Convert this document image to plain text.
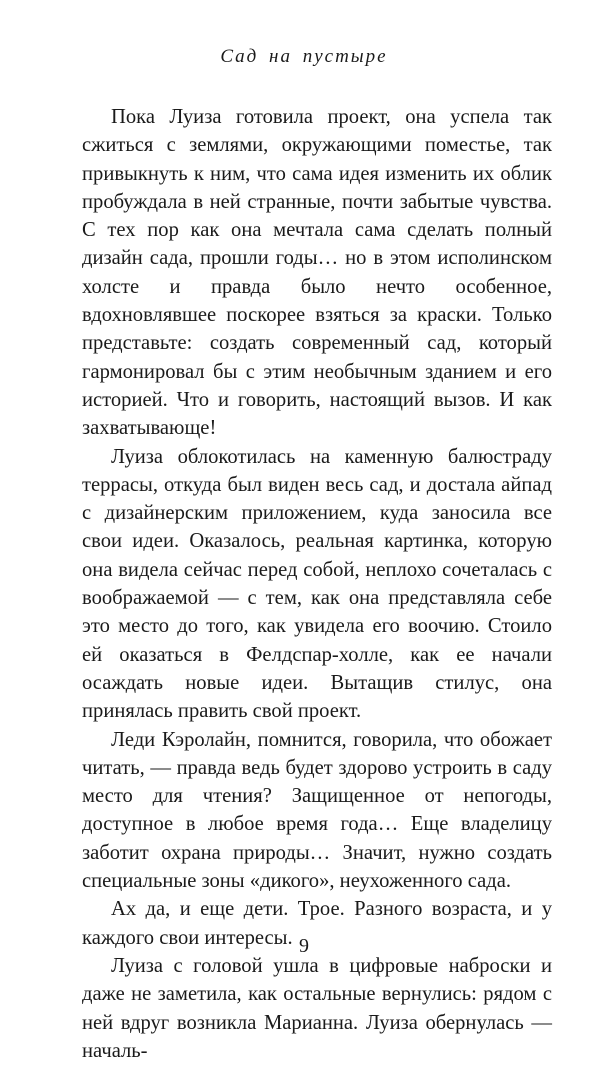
Сад на пустыре

Пока Луиза готовила проект, она успела так сжиться с землями, окружающими поместье, так привыкнуть к ним, что сама идея изменить их облик пробуждала в ней странные, почти забытые чувства. С тех пор как она мечтала сама сделать полный дизайн сада, прошли годы… но в этом исполинском холсте и правда было нечто особенное, вдохновлявшее поскорее взяться за краски. Только представьте: создать современный сад, который гармонировал бы с этим необычным зданием и его историей. Что и говорить, настоящий вызов. И как захватывающе!

Луиза облокотилась на каменную балюстраду террасы, откуда был виден весь сад, и достала айпад с дизайнерским приложением, куда заносила все свои идеи. Оказалось, реальная картинка, которую она видела сейчас перед собой, неплохо сочеталась с воображаемой — с тем, как она представляла себе это место до того, как увидела его воочию. Стоило ей оказаться в Фелдспар-холле, как ее начали осаждать новые идеи. Вытащив стилус, она принялась править свой проект.

Леди Кэролайн, помнится, говорила, что обожает читать, — правда ведь будет здорово устроить в саду место для чтения? Защищенное от непогоды, доступное в любое время года… Еще владелицу заботит охрана природы… Значит, нужно создать специальные зоны «дикого», неухоженного сада.

Ах да, и еще дети. Трое. Разного возраста, и у каждого свои интересы.

Луиза с головой ушла в цифровые наброски и даже не заметила, как остальные вернулись: рядом с ней вдруг возникла Марианна. Луиза обернулась — началь-

9
